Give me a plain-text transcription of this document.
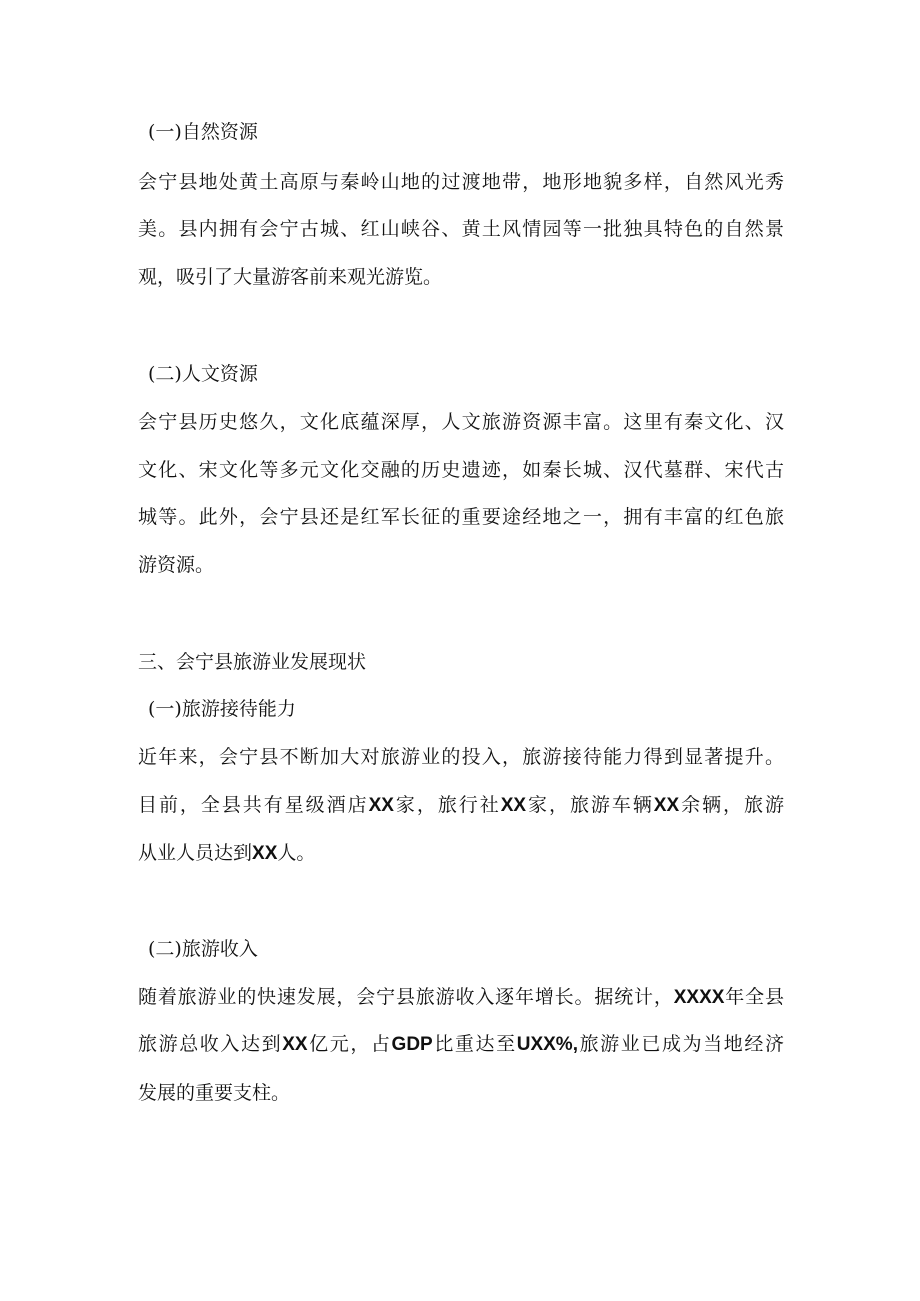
(一)自然资源
会宁县地处黄土高原与秦岭山地的过渡地带，地形地貌多样，自然风光秀
美。县内拥有会宁古城、红山峡谷、黄土风情园等一批独具特色的自然景
观，吸引了大量游客前来观光游览。
(二)人文资源
会宁县历史悠久，文化底蕴深厚，人文旅游资源丰富。这里有秦文化、汉
文化、宋文化等多元文化交融的历史遗迹，如秦长城、汉代墓群、宋代古
城等。此外，会宁县还是红军长征的重要途经地之一，拥有丰富的红色旅
游资源。
三、会宁县旅游业发展现状
(一)旅游接待能力
近年来，会宁县不断加大对旅游业的投入，旅游接待能力得到显著提升。
目前，全县共有星级酒店XX家，旅行社XX家，旅游车辆XX余辆，旅游
从业人员达到XX人。
(二)旅游收入
随着旅游业的快速发展，会宁县旅游收入逐年增长。据统计，XXXX年全县
旅游总收入达到XX亿元，占GDP比重达至UXX%,旅游业已成为当地经济
发展的重要支柱。
